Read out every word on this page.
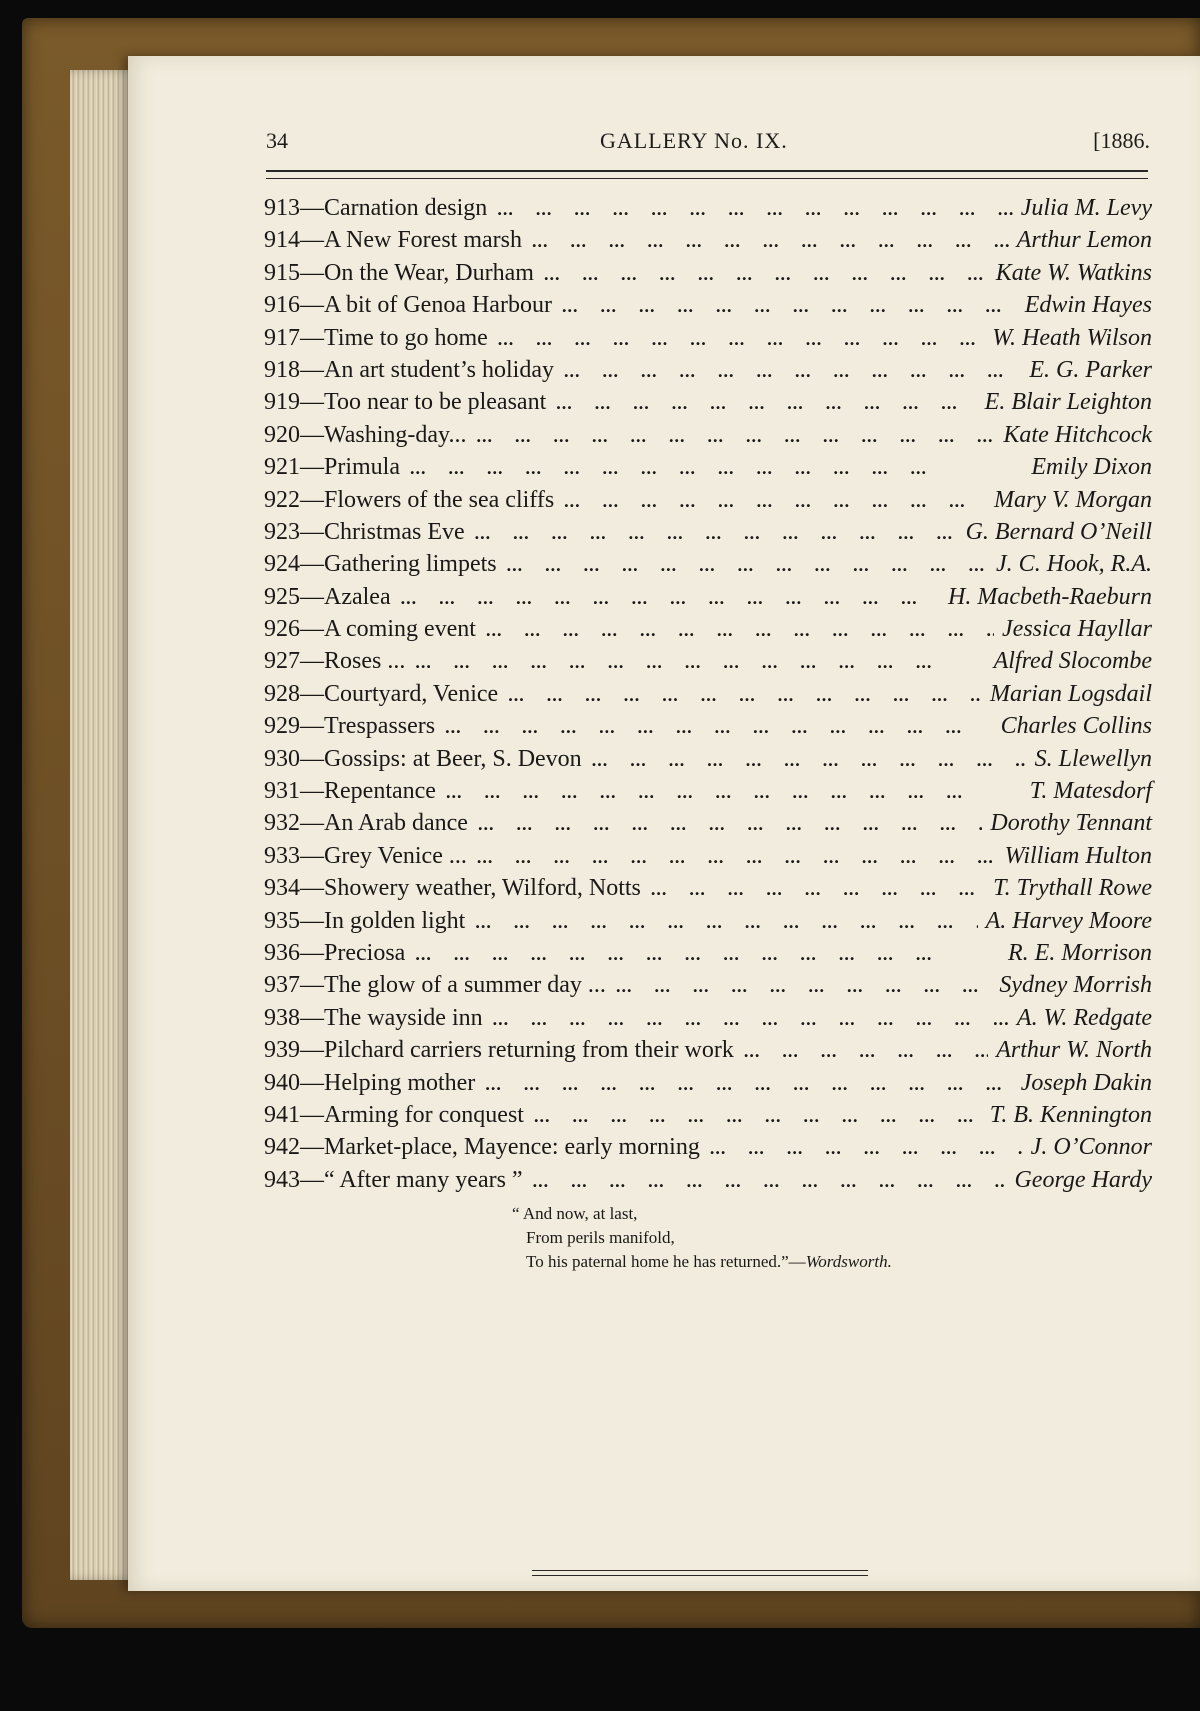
34	GALLERY No. IX.	[1886.
913 — Carnation design ...	Julia M. Levy
914 — A New Forest marsh ...	Arthur Lemon
915 — On the Wear, Durham ...	Kate W. Watkins
916 — A bit of Genoa Harbour ...	Edwin Hayes
917 — Time to go home ...	W. Heath Wilson
918 — An art student’s holiday ...	E. G. Parker
919 — Too near to be pleasant ...	E. Blair Leighton
920 — Washing-day... ...	Kate Hitchcock
921 — Primula ...	Emily Dixon
922 — Flowers of the sea cliffs ...	Mary V. Morgan
923 — Christmas Eve ...	G. Bernard O’Neill
924 — Gathering limpets ...	J. C. Hook, R.A.
925 — Azalea ...	H. Macbeth-Raeburn
926 — A coming event ...	Jessica Hayllar
927 — Roses ... ...	Alfred Slocombe
928 — Courtyard, Venice ...	Marian Logsdail
929 — Trespassers ...	Charles Collins
930 — Gossips: at Beer, S. Devon ...	S. Llewellyn
931 — Repentance ...	T. Matesdorf
932 — An Arab dance ...	Dorothy Tennant
933 — Grey Venice ... ...	William Hulton
934 — Showery weather, Wilford, Notts ...	T. Trythall Rowe
935 — In golden light ...	A. Harvey Moore
936 — Preciosa ...	R. E. Morrison
937 — The glow of a summer day ... ...	Sydney Morrish
938 — The wayside inn ...	A. W. Redgate
939 — Pilchard carriers returning from their work ...	Arthur W. North
940 — Helping mother ...	Joseph Dakin
941 — Arming for conquest ...	T. B. Kennington
942 — Market-place, Mayence: early morning ...	J. O’Connor
943 — “ After many years ” ...	George Hardy
“ And now, at last,
From perils manifold,
To his paternal home he has returned.”—Wordsworth.
